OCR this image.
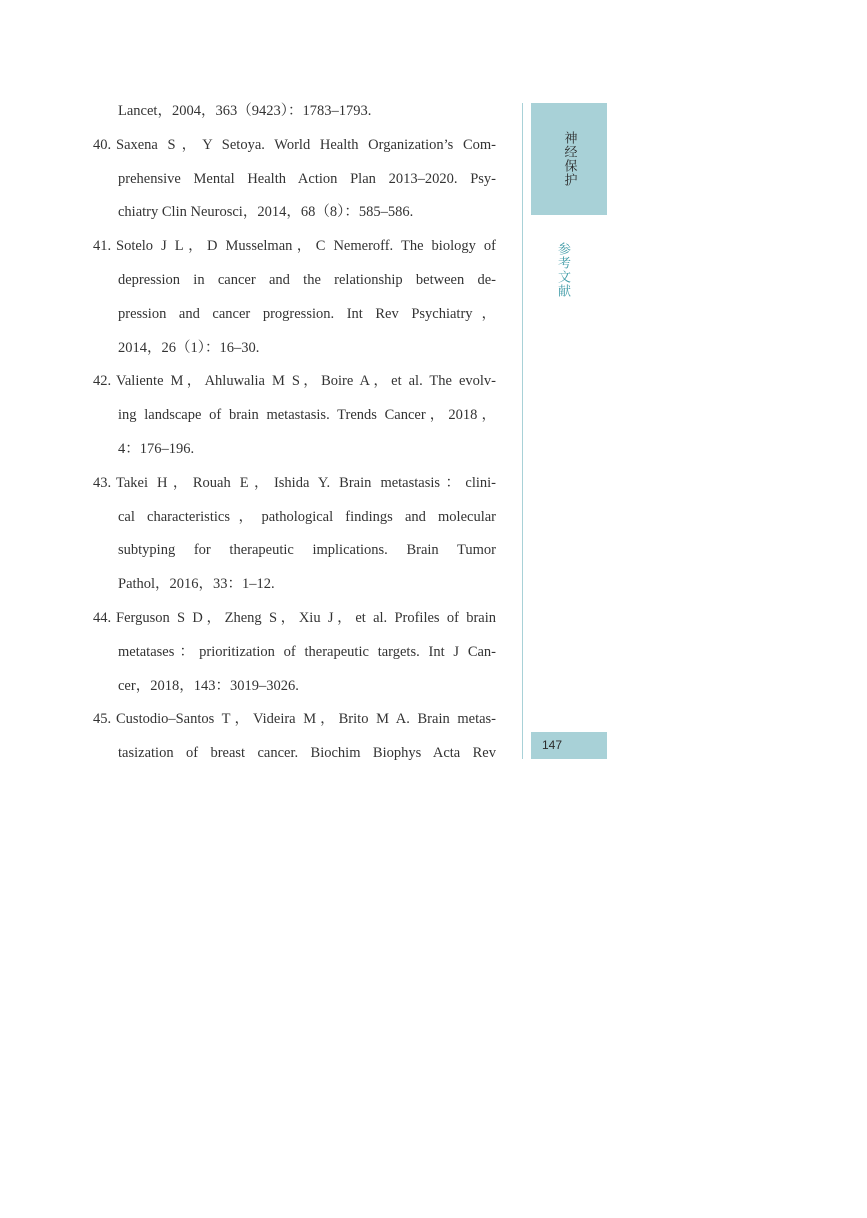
Lancet，2004，363（9423）：1783–1793.
40. Saxena S，Y Setoya. World Health Organization’s Com-
prehensive Mental Health Action Plan 2013–2020. Psy-
chiatry Clin Neurosci，2014，68（8）：585–586.
41. Sotelo J L，D Musselman，C Nemeroff. The biology of
depression in cancer and the relationship between de-
pression and cancer progression. Int Rev Psychiatry，
2014，26（1）：16–30.
42. Valiente M，Ahluwalia M S，Boire A，et al. The evolv-
ing landscape of brain metastasis. Trends Cancer，2018，
4：176–196.
43. Takei H，Rouah E，Ishida Y. Brain metastasis：clini-
cal characteristics，pathological findings and molecular
subtyping for therapeutic implications. Brain Tumor
Pathol，2016，33：1–12.
44. Ferguson S D，Zheng S，Xiu J，et al. Profiles of brain
metatases：prioritization of therapeutic targets. Int J Can-
cer，2018，143：3019–3026.
45. Custodio–Santos T，Videira M，Brito M A. Brain metas-
tasization of breast cancer. Biochim Biophys Acta Rev
神经保护
参考文献
147
